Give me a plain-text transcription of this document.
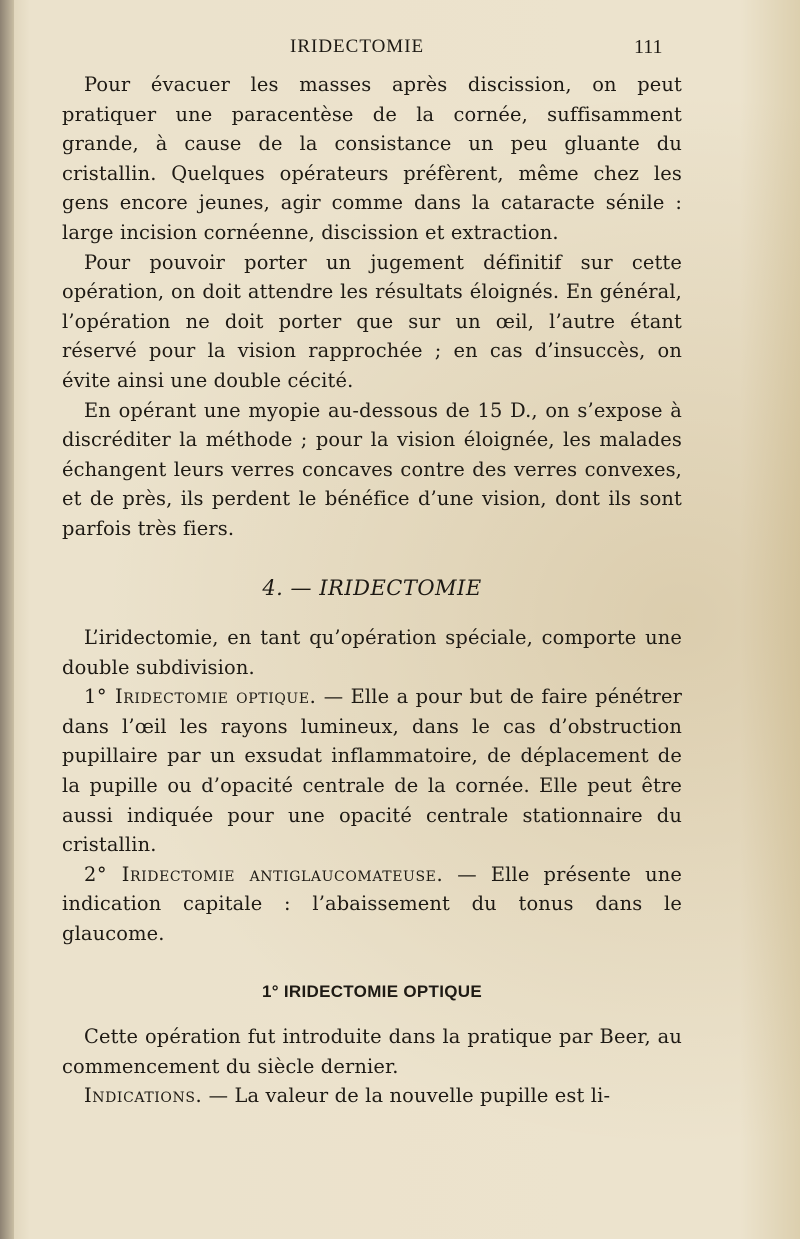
IRIDECTOMIE	111

Pour évacuer les masses après discission, on peut pratiquer une paracentèse de la cornée, suffisamment grande, à cause de la consistance un peu gluante du cristallin. Quelques opérateurs préfèrent, même chez les gens encore jeunes, agir comme dans la cataracte sénile : large incision cornéenne, discission et extraction.

Pour pouvoir porter un jugement définitif sur cette opération, on doit attendre les résultats éloignés. En général, l’opération ne doit porter que sur un œil, l’autre étant réservé pour la vision rapprochée ; en cas d’insuccès, on évite ainsi une double cécité.

En opérant une myopie au-dessous de 15 D., on s’expose à discréditer la méthode ; pour la vision éloignée, les malades échangent leurs verres concaves contre des verres convexes, et de près, ils perdent le bénéfice d’une vision, dont ils sont parfois très fiers.

4. — IRIDECTOMIE

L’iridectomie, en tant qu’opération spéciale, comporte une double subdivision.

1° Iridectomie optique. — Elle a pour but de faire pénétrer dans l’œil les rayons lumineux, dans le cas d’obstruction pupillaire par un exsudat inflammatoire, de déplacement de la pupille ou d’opacité centrale de la cornée. Elle peut être aussi indiquée pour une opacité centrale stationnaire du cristallin.

2° Iridectomie antiglaucomateuse. — Elle présente une indication capitale : l’abaissement du tonus dans le glaucome.

1° IRIDECTOMIE OPTIQUE

Cette opération fut introduite dans la pratique par Beer, au commencement du siècle dernier.

Indications. — La valeur de la nouvelle pupille est li-
